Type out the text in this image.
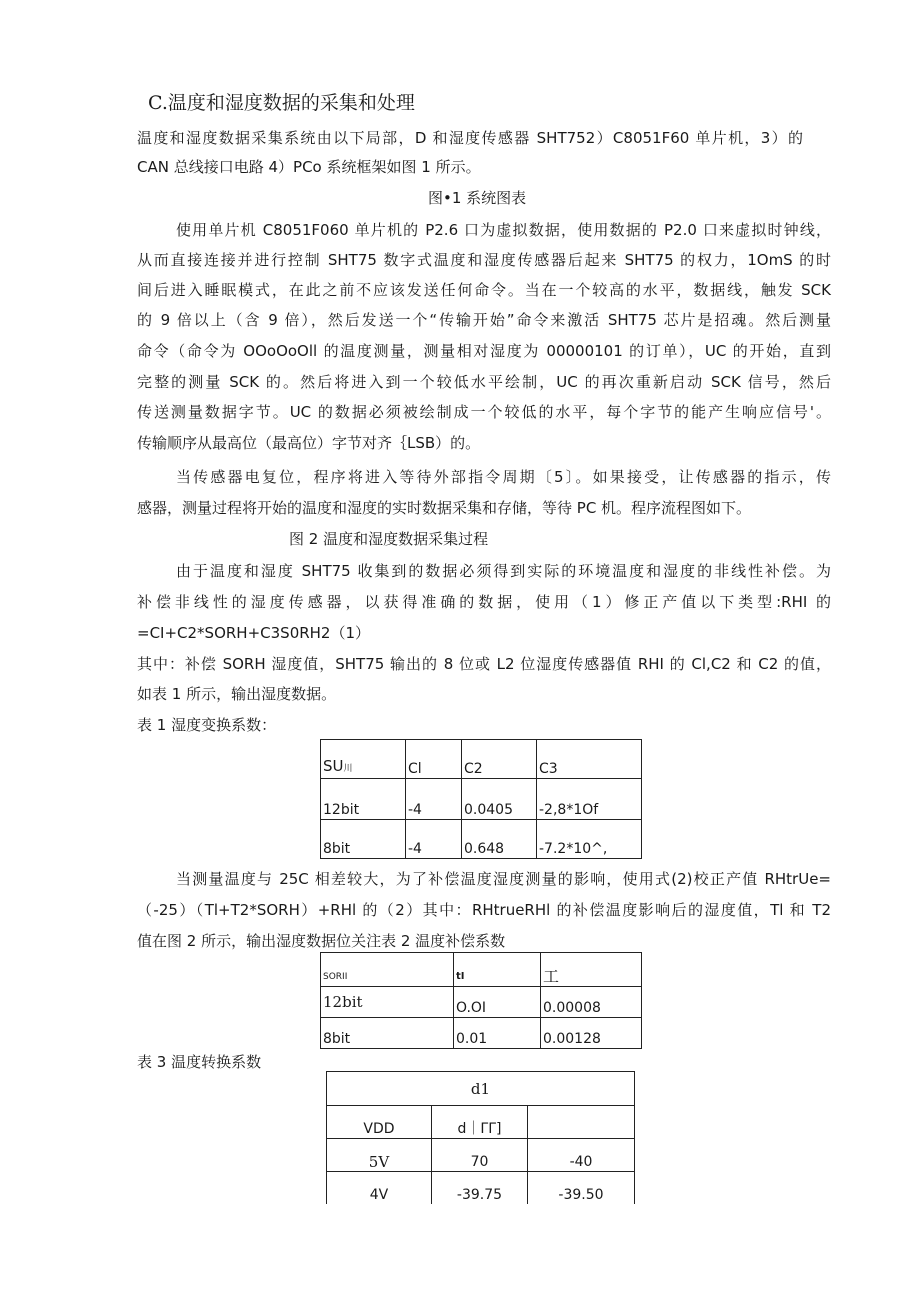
C.温度和湿度数据的采集和处理
温度和湿度数据采集系统由以下局部，D 和湿度传感器 SHT752）C8051F60 单片机，3）的
CAN 总线接口电路 4）PCo 系统框架如图 1 所示。
图•1 系统图表
使用单片机 C8051F060 单片机的 P2.6 口为虚拟数据，使用数据的 P2.0 口来虚拟时钟线，
从而直接连接并进行控制 SHT75 数字式温度和湿度传感器后起来 SHT75 的权力，1OmS 的时
间后进入睡眠模式，在此之前不应该发送任何命令。当在一个较高的水平，数据线，触发 SCK
的 9 倍以上（含 9 倍），然后发送一个“传输开始”命令来激活 SHT75 芯片是招魂。然后测量
命令（命令为 OOoOoOll 的温度测量，测量相对湿度为 00000101 的订单），UC 的开始，直到
完整的测量 SCK 的。然后将进入到一个较低水平绘制，UC 的再次重新启动 SCK 信号，然后
传送测量数据字节。UC 的数据必须被绘制成一个较低的水平，每个字节的能产生响应信号'。
传输顺序从最高位（最高位）字节对齐｛LSB）的。
当传感器电复位，程序将进入等待外部指令周期〔5〕。如果接受，让传感器的指示，传
感器，测量过程将开始的温度和湿度的实时数据采集和存储，等待 PC 机。程序流程图如下。
图 2 温度和湿度数据采集过程
由于温度和湿度 SHT75 收集到的数据必须得到实际的环境温度和湿度的非线性补偿。为
补偿非线性的湿度传感器，以获得准确的数据，使用（1）修正产值以下类型:RHI 的
=CI+C2*SORH+C3S0RH2（1）
其中：补偿 SORH 湿度值，SHT75 输出的 8 位或 L2 位湿度传感器值 RHI 的 Cl,C2 和 C2 的值，
如表 1 所示，输出湿度数据。
表 1 湿度变换系数：
SU川	Cl	C2	C3
12bit	-4	0.0405	-2,8*1Of
8bit	-4	0.648	-7.2*10^,
当测量温度与 25C 相差较大，为了补偿温度湿度测量的影响，使用式(2)校正产值 RHtrUe=
（-25）（Tl+T2*SORH）+RHl 的（2）其中：RHtrueRHl 的补偿温度影响后的湿度值，Tl 和 T2
值在图 2 所示，输出湿度数据位关注表 2 温度补偿系数
SORII	tI	工
12bit	O.OI	0.00008
8bit	0.01	0.00128
表 3 温度转换系数
d1		
VDD	d｜ΓΓ]	
5V	70	-40
4V	-39.75	-39.50
